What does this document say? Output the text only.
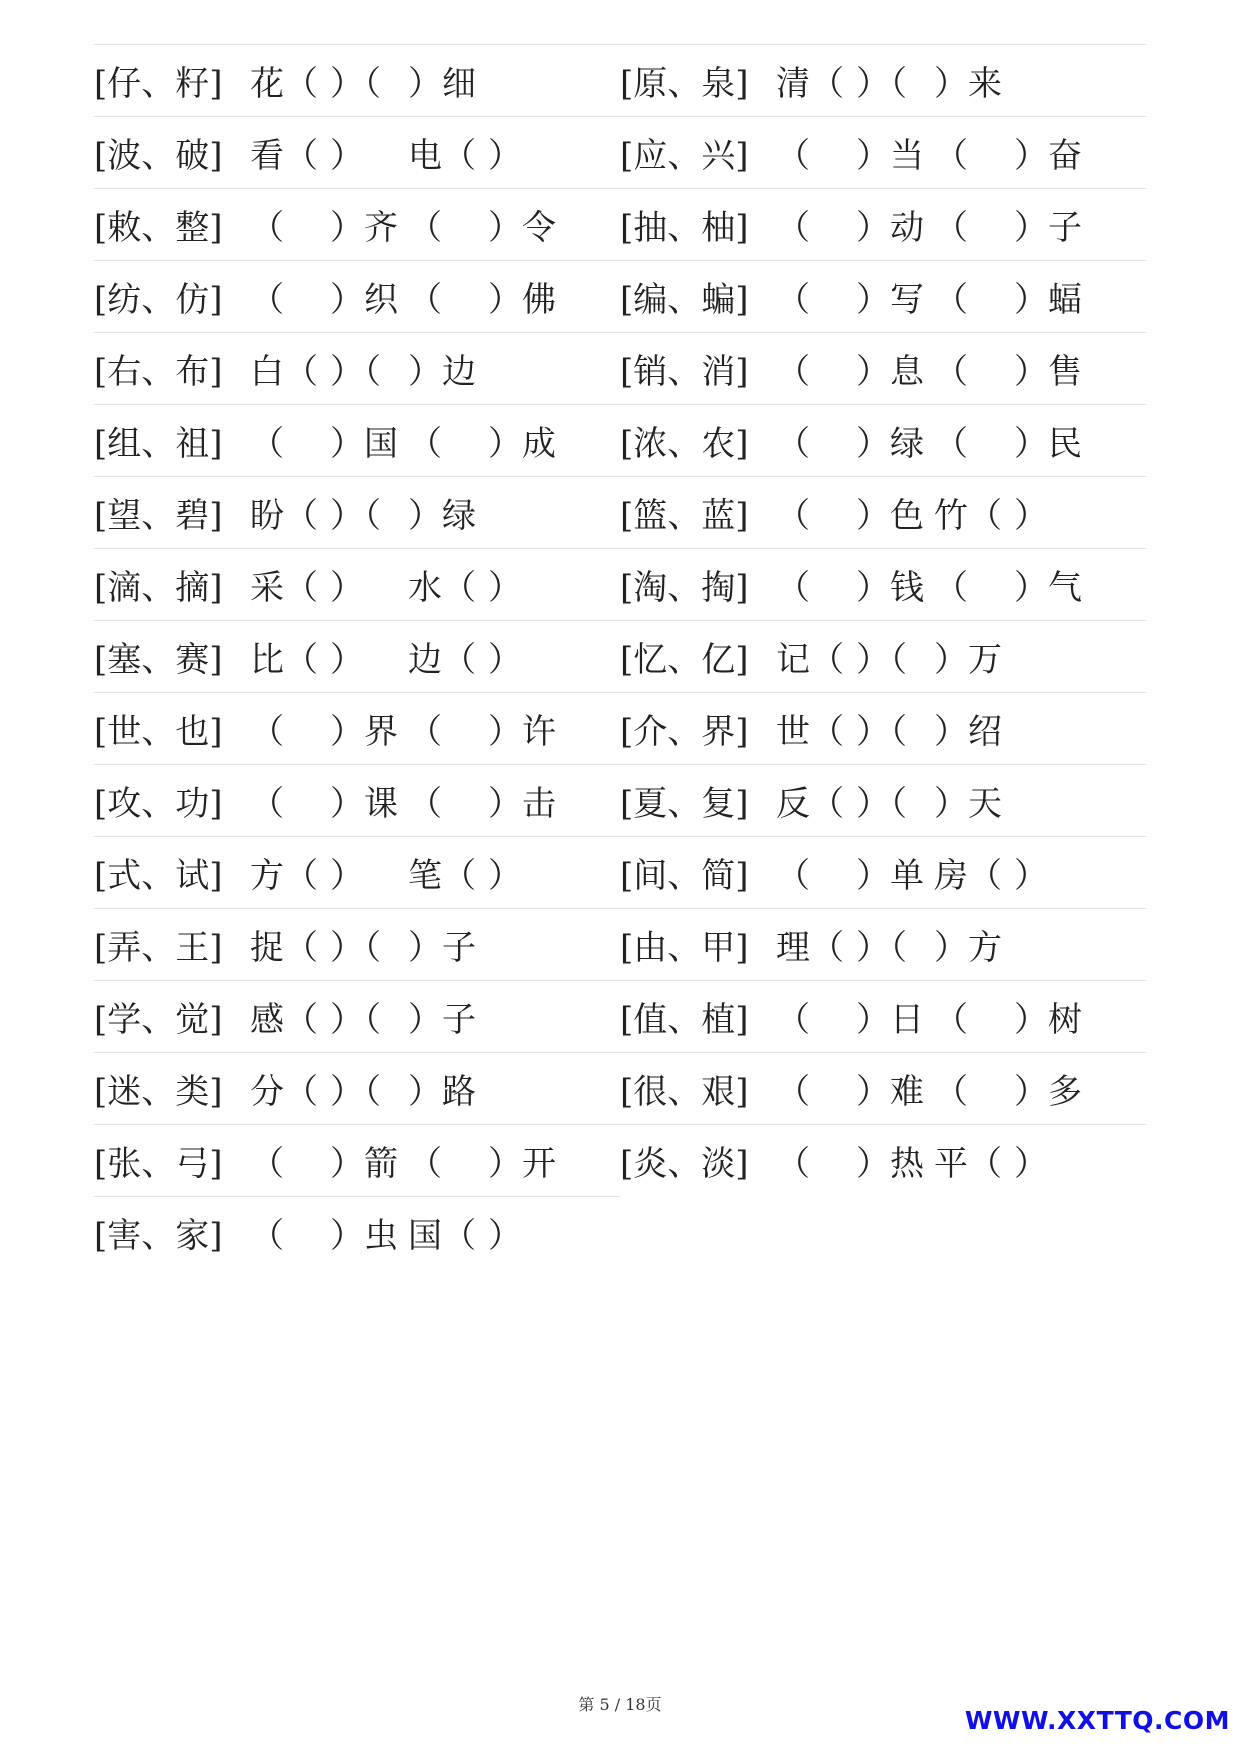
[仔、籽] 花（ ）（ ）细	[原、泉] 清（ ）（ ）来
[波、破] 看（ ）	电（ ）	[应、兴] （	）当 （	）奋
[敕、整] （	）齐 （	）令 [抽、柚] （	）动 （	）子
[纺、仿] （	）织 （	）佛 [编、蝙] （	）写 （	）蝠
[右、布] 白（ ）（ ）边	[销、消] （	）息 （	）售
[组、祖] （	）国 （	）成 [浓、农] （	）绿 （	）民
[望、碧] 盼（ ）（ ）绿	[篮、蓝] （	）色 竹（ ）
[滴、摘] 采（ ）	水（ ）	[淘、掏] （	）钱 （	）气
[塞、赛] 比（ ）	边（ ）	[忆、亿] 记（ ）（ ）万
[世、也] （	）界 （	）许 [介、界] 世（ ）（ ）绍
[攻、功] （	）课 （	）击 [夏、复] 反（ ）（ ）天
[式、试] 方（ ）	笔（ ）	[间、简] （	）单 房（ ）
[弄、王] 捉（ ）（ ）子	[由、甲] 理（ ）（ ）方
[学、觉] 感（ ）（ ）子	[值、植] （	）日 （	）树
[迷、类] 分（ ）（ ）路	[很、艰] （	）难 （	）多
[张、弓] （	）箭 （	）开 [炎、淡] （	）热 平（ ）
[害、家] （	）虫 国（ ）
第 5 / 18页
WWW.XXTTQ.COM
